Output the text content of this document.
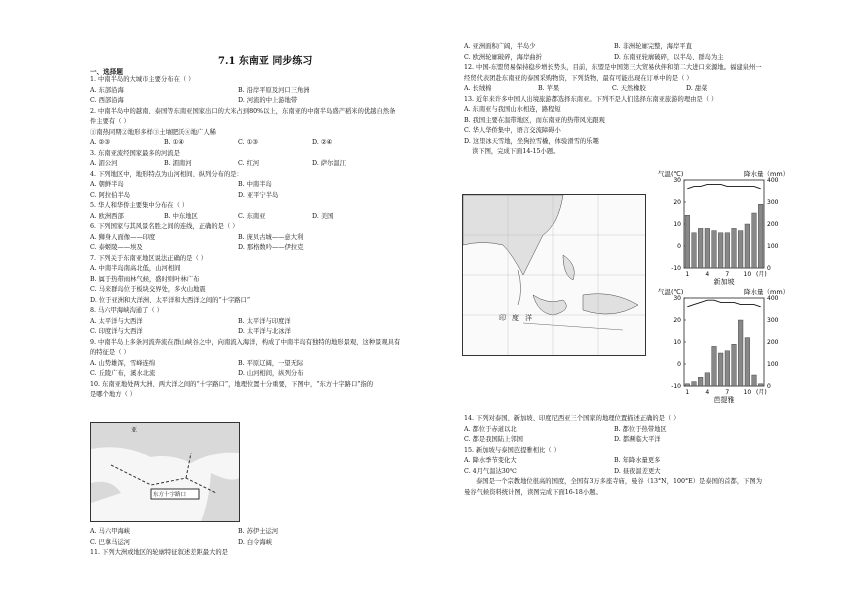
7.1 东南亚 同步练习
一、选择题
1. 中南半岛的大城市主要分布在（ ）
A. 东部沿海	B. 沿岸平原及河口三角洲
C. 西部沿海	D. 河流的中上游地带
2. 中南半岛中的越南、泰国等东南亚国家出口的大米占到80%以上，东南亚的中南半岛盛产稻米的优越自然条
件主要有（ ）
①南热同期②地形多样③土壤肥沃④地广人稀
A. ②③	B. ①④	C. ①③	D. ②④
3. 东南亚流经国家最多的河流是
A. 湄公河	B. 湄南河	C. 红河	D. 萨尔温江
4. 下列地区中，地形特点为山河相间、纵列分布的是：
A. 朝鲜半岛	B. 中南半岛
C. 阿拉伯半岛	D. 亚平宁半岛
5. 华人和华侨主要集中分布在（ ）
A. 欧洲西部	B. 中东地区	C. 东南亚	D. 美国
6. 下列国家与其风景名胜之间的连线，正确的是（ ）
A. 狮身人面像——印度	B. 庞贝古城——意大利
C. 泰姬陵——埃及	D. 那格数吟——伊拉克
7. 下列关于东南亚地区说法正确的是（ ）
A. 中南半岛南高北低，山河相间
B. 属于热带雨林气候，盛时则叶林广布
C. 马来群岛位于板块交界处，多火山地震
D. 位于亚洲和大洋洲、太平洋和大西洋之间的“十字路口”
8. 马六甲海峡沟通了（ ）
A. 太平洋与大西洋	B. 太平洋与印度洋
C. 印度洋与大西洋	D. 太平洋与北冰洋
9. 中南半岛上多条河流奔流在群山峡谷之中，向南流入海洋，构成了中南半岛有独特的地形景观，这种景观具有
的特征是（ ）
A. 山势雄浑，雪峰连绵	B. 平原辽阔，一望无际
C. 丘陵广布，溪水北流	D. 山河相间，纵列分布
10. 东南亚地处两大洲、两大洋之间的“十字路口”，地理位置十分重要，下图中，“东方十字路口”指的
是哪个地方（ ）
A. 马六甲海峡	B. 苏伊士运河
C. 巴拿马运河	D. 白令海峡
11. 下列大洲或地区的轮廓特征叙述差距最大的是
A. 亚洲面积广阔，半岛少	B. 非洲轮廓完整，海岸平直
C. 欧洲轮廓破碎，海岸曲折	D. 东南亚轮廓破碎，以半岛、群岛为主
12. 中国-东盟贸易保持稳步增长势头，目前，东盟是中国第三大贸易伙伴和第二大进口来源地。福建泉州一
经贸代表团赴东南亚的泰国采购物资，下列货物，最有可能出现在订单中的是（ ）
A. 长绒棉	B. 苹果	C. 天然橡胶	D. 甜菜
13. 近年来许多中国人出境旅游都选择东南亚。下列不是人们选择东南亚旅游的理由是（ ）
A. 东南亚与我国山水相连，路程短
B. 我国主要在温带地区，而东南亚的热带风光跟观
C. 华人华侨集中，语言交流障碍小
D. 这里冰天雪地，坐狗拉雪橇，体验滑雪的乐趣
读下图，完成下面14-15小题。
14. 下列对泰国、新加坡、印度尼西亚三个国家的地理位置描述正确的是（ ）
A. 都位于赤道以北	B. 都位于热带地区
C. 都是我国陆上邻国	D. 都濒临大平洋
15. 新加坡与泰国芭提雅相比（ ）
A. 降水季节变化大	B. 年降水量更多
C. 4月气温达30℃	D. 昼夜温差更大
泰国是一个宗教地位很高的国度，全国有3万多座寺庙，曼谷（13°N，100°E）是泰国的首都，下图为
曼谷气候资料统计图，读图完成下面16-18小题。
亚
东方十字路口
印度洋
气温(℃)	降水量（mm）
-10
0
10
20
30
0
100
200
300
400
1	4	7 10 (月)
新加坡
气温(℃)	降水量（mm）
-10
0
10
20
30
0
100
200
300
400
1	4	7 10 (月)
芭提雅
